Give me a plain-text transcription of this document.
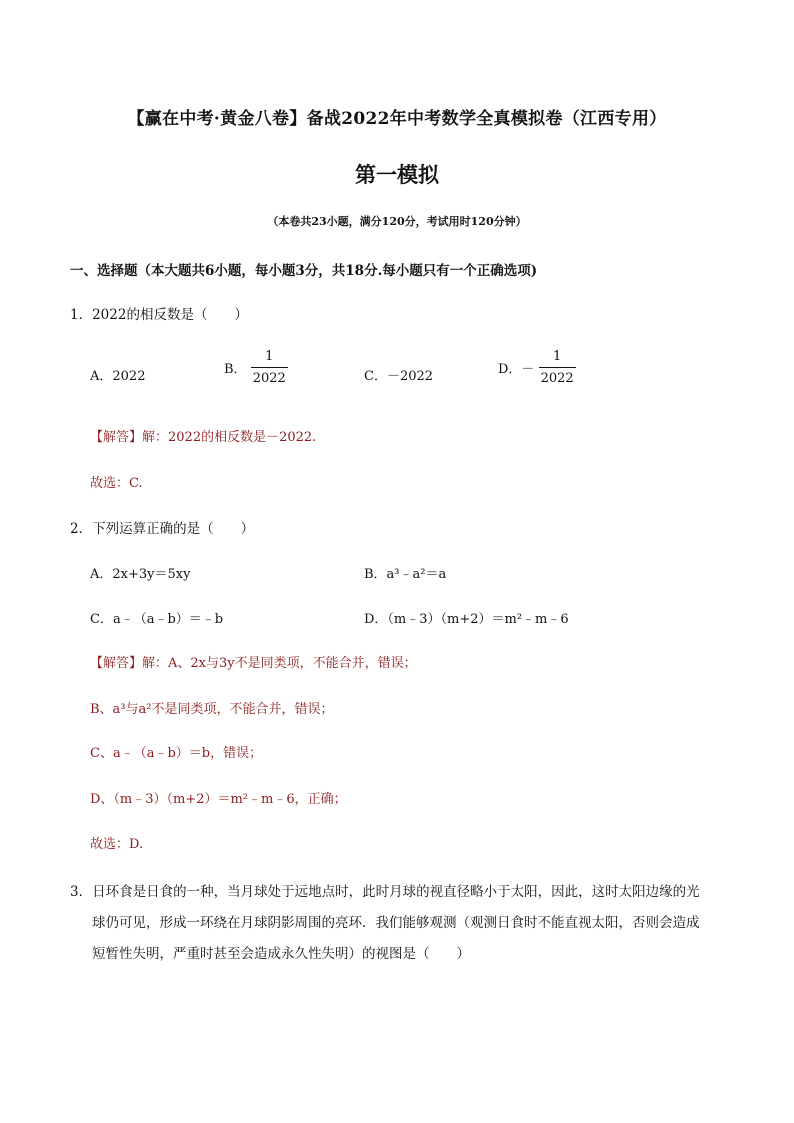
【赢在中考·黄金八卷】备战2022年中考数学全真模拟卷（江西专用）
第一模拟
（本卷共23小题，满分120分，考试用时120分钟）
一、选择题（本大题共6小题，每小题3分，共18分.每小题只有一个正确选项)
1．2022的相反数是（　　）
A．2022	B． $\frac{1}{2022}$	C．－2022	D．－ $\frac{1}{2022}$
【解答】解：2022的相反数是－2022.
故选：C.
2．下列运算正确的是（　　）
A．2x+3y＝5xy	B．a³﹣a²＝a
C．a﹣（a﹣b）＝﹣b	D．（m﹣3）（m+2）＝m²﹣m﹣6
【解答】解：A、2x与3y不是同类项，不能合并，错误；
B、a³与a²不是同类项，不能合并，错误；
C、a﹣（a﹣b）＝b，错误；
D、（m﹣3）（m+2）＝m²﹣m﹣6，正确；
故选：D.
3．日环食是日食的一种，当月球处于远地点时，此时月球的视直径略小于太阳，因此，这时太阳边缘的光
球仍可见，形成一环绕在月球阴影周围的亮环．我们能够观测（观测日食时不能直视太阳，否则会造成
短暂性失明，严重时甚至会造成永久性失明）的视图是（　　）
